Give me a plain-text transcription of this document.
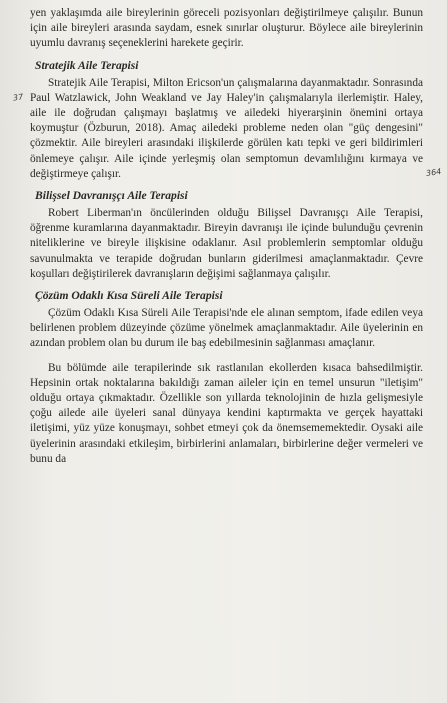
yen yaklaşımda aile bireylerinin göreceli pozisyonları değiştirilmeye çalışılır. Bunun için aile bireyleri arasında saydam, esnek sınırlar oluşturur. Böylece aile bireylerinin uyumlu davranış seçeneklerini harekete geçirir.

Stratejik Aile Terapisi

Stratejik Aile Terapisi, Milton Ericson'un çalışmalarına dayanmaktadır. Sonrasında Paul Watzlawick, John Weakland ve Jay Haley'in çalışmalarıyla ilerlemiştir. Haley, aile ile doğrudan çalışmayı başlatmış ve ailedeki hiyerarşinin önemini ortaya koymuştur (Özburun, 2018). Amaç ailedeki probleme neden olan "güç dengesini" çözmektir. Aile bireyleri arasındaki ilişkilerde görülen katı tepki ve geri bildirimleri önlemeye çalışır. Aile içinde yerleşmiş olan semptomun devamlılığını kırmaya ve değiştirmeye çalışır.

Bilişsel Davranışçı Aile Terapisi

Robert Liberman'ın öncülerinden olduğu Bilişsel Davranışçı Aile Terapisi, öğrenme kuramlarına dayanmaktadır. Bireyin davranışı ile içinde bulunduğu çevrenin niteliklerine ve bireyle ilişkisine odaklanır. Asıl problemlerin semptomlar olduğu savunulmakta ve terapide doğrudan bunların giderilmesi amaçlanmaktadır. Çevre koşulları değiştirilerek davranışların değişimi sağlanmaya çalışılır.

Çözüm Odaklı Kısa Süreli Aile Terapisi

Çözüm Odaklı Kısa Süreli Aile Terapisi'nde ele alınan semptom, ifade edilen veya belirlenen problem düzeyinde çözüme yönelmek amaçlanmaktadır. Aile üyelerinin en azından problem olan bu durum ile baş edebilmesinin sağlanması amaçlanır.

Bu bölümde aile terapilerinde sık rastlanılan ekollerden kısaca bahsedilmiştir. Hepsinin ortak noktalarına bakıldığı zaman aileler için en temel unsurun "iletişim" olduğu ortaya çıkmaktadır. Özellikle son yıllarda teknolojinin de hızla gelişmesiyle çoğu ailede aile üyeleri sanal dünyaya kendini kaptırmakta ve gerçek hayattaki iletişimi, yüz yüze konuşmayı, sohbet etmeyi çok da önemsememektedir. Oysaki aile üyelerinin arasındaki etkileşim, birbirlerini anlamaları, birbirlerine değer vermeleri ve bunu da

37
364
